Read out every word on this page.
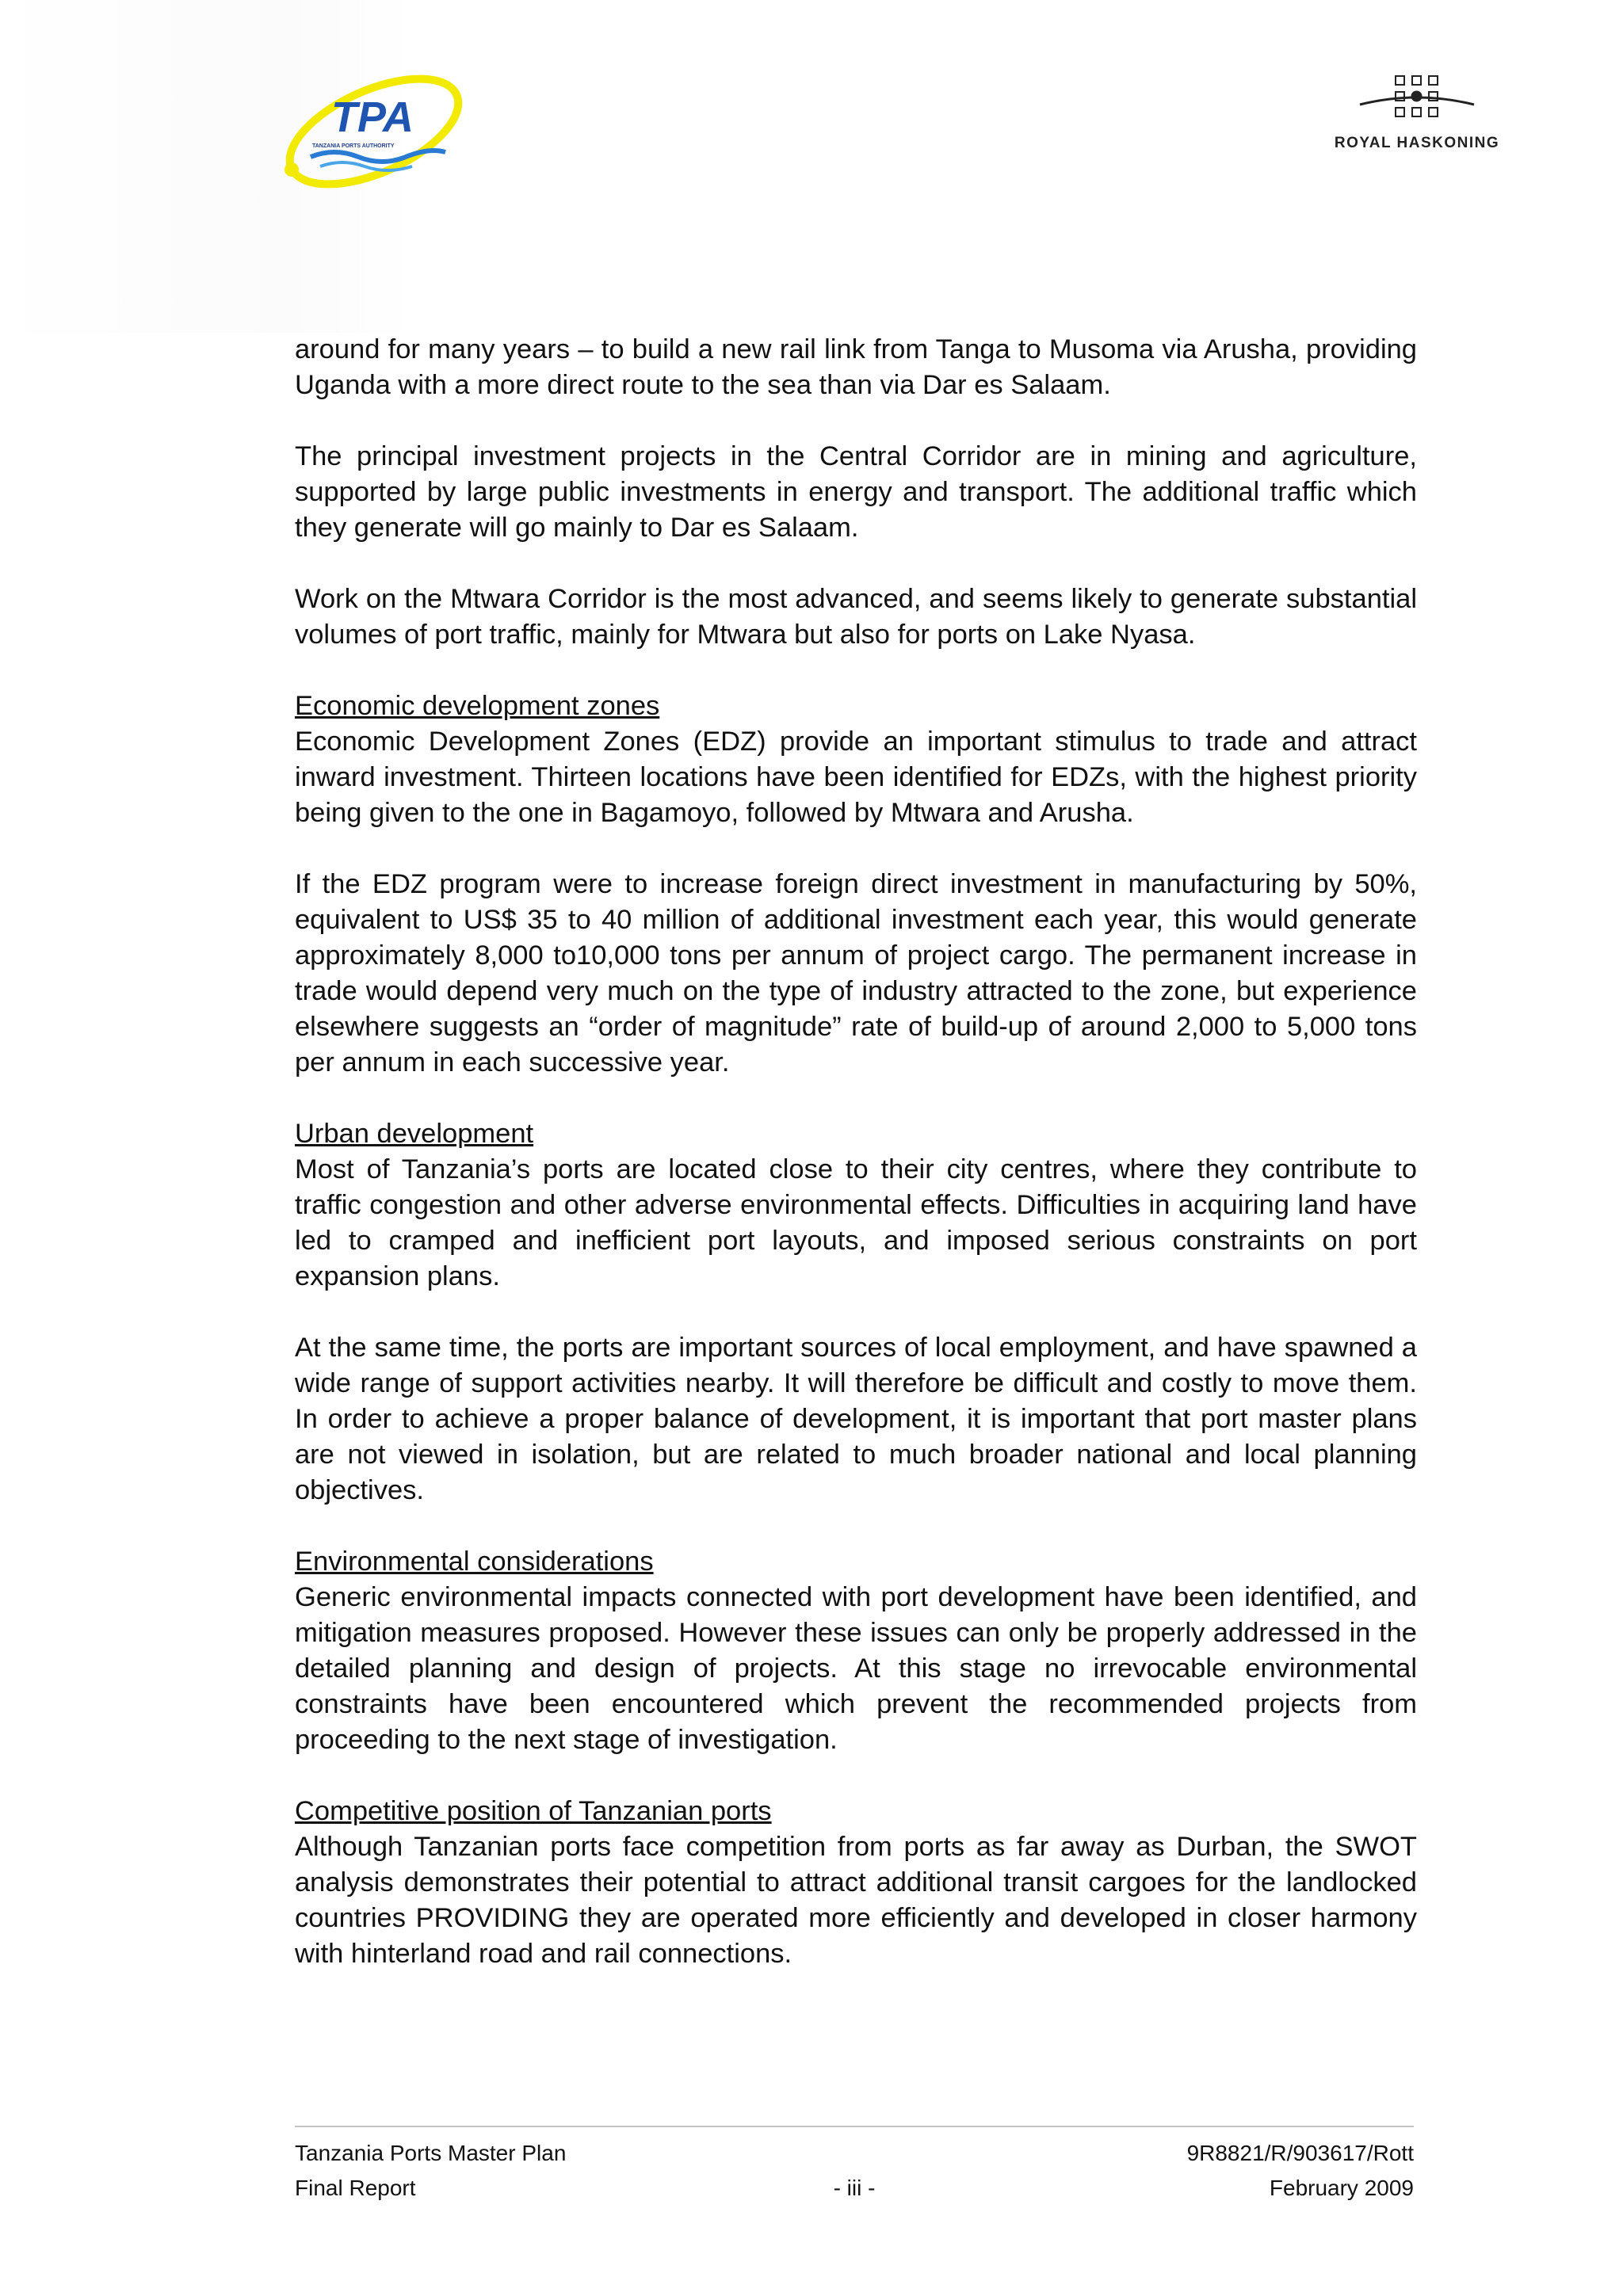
TPA
TANZANIA PORTS AUTHORITY	ROYAL HASKONING

around for many years – to build a new rail link from Tanga to Musoma via Arusha, providing Uganda with a more direct route to the sea than via Dar es Salaam.

The principal investment projects in the Central Corridor are in mining and agriculture, supported by large public investments in energy and transport. The additional traffic which they generate will go mainly to Dar es Salaam.

Work on the Mtwara Corridor is the most advanced, and seems likely to generate substantial volumes of port traffic, mainly for Mtwara but also for ports on Lake Nyasa.

Economic development zones
Economic Development Zones (EDZ) provide an important stimulus to trade and attract inward investment. Thirteen locations have been identified for EDZs, with the highest priority being given to the one in Bagamoyo, followed by Mtwara and Arusha.

If the EDZ program were to increase foreign direct investment in manufacturing by 50%, equivalent to US$ 35 to 40 million of additional investment each year, this would generate approximately 8,000 to10,000 tons per annum of project cargo. The permanent increase in trade would depend very much on the type of industry attracted to the zone, but experience elsewhere suggests an “order of magnitude” rate of build-up of around 2,000 to 5,000 tons per annum in each successive year.

Urban development
Most of Tanzania’s ports are located close to their city centres, where they contribute to traffic congestion and other adverse environmental effects. Difficulties in acquiring land have led to cramped and inefficient port layouts, and imposed serious constraints on port expansion plans.

At the same time, the ports are important sources of local employment, and have spawned a wide range of support activities nearby. It will therefore be difficult and costly to move them. In order to achieve a proper balance of development, it is important that port master plans are not viewed in isolation, but are related to much broader national and local planning objectives.

Environmental considerations
Generic environmental impacts connected with port development have been identified, and mitigation measures proposed. However these issues can only be properly addressed in the detailed planning and design of projects. At this stage no irrevocable environmental constraints have been encountered which prevent the recommended projects from proceeding to the next stage of investigation.

Competitive position of Tanzanian ports
Although Tanzanian ports face competition from ports as far away as Durban, the SWOT analysis demonstrates their potential to attract additional transit cargoes for the landlocked countries PROVIDING they are operated more efficiently and developed in closer harmony with hinterland road and rail connections.

Tanzania Ports Master Plan	9R8821/R/903617/Rott
Final Report	- iii -	February 2009
